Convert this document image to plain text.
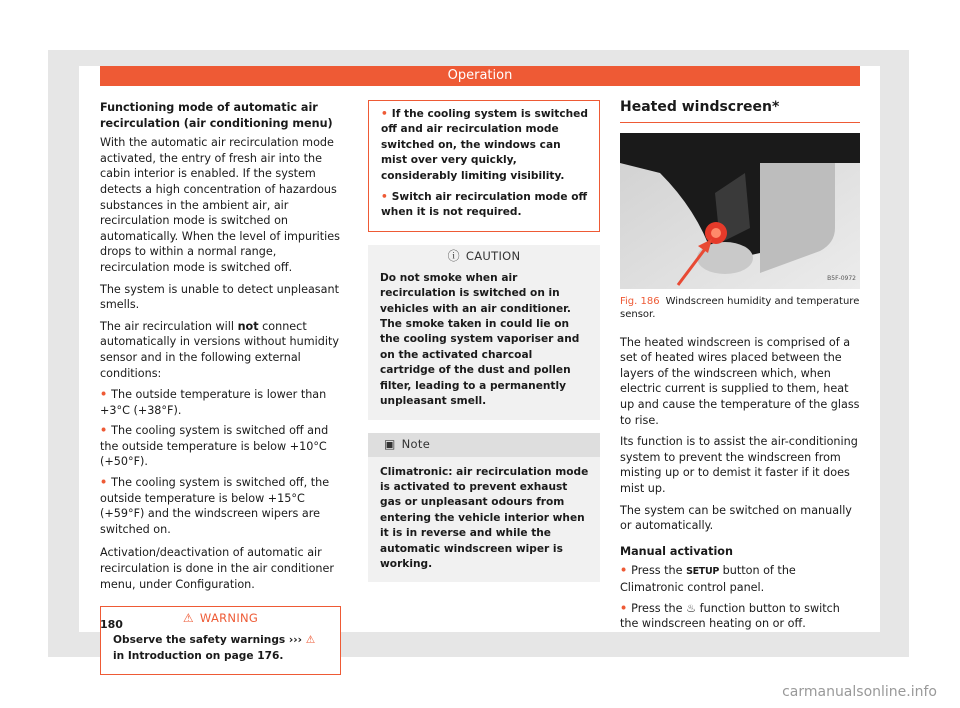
Operation

Functioning mode of automatic air recirculation (air conditioning menu)

With the automatic air recirculation mode activated, the entry of fresh air into the cabin interior is enabled. If the system detects a high concentration of hazardous substances in the ambient air, air recirculation mode is switched on automatically. When the level of impurities drops to within a normal range, recirculation mode is switched off.

The system is unable to detect unpleasant smells.

The air recirculation will not connect automatically in versions without humidity sensor and in the following external conditions:

• The outside temperature is lower than +3°C (+38°F).
• The cooling system is switched off and the outside temperature is below +10°C (+50°F).
• The cooling system is switched off, the outside temperature is below +15°C (+59°F) and the windscreen wipers are switched on.

Activation/deactivation of automatic air recirculation is done in the air conditioner menu, under Configuration.

⚠ WARNING
Observe the safety warnings ››› ⚠ in Introduction on page 176.
• If the cooling system is switched off and air recirculation mode switched on, the windows can mist over very quickly, considerably limiting visibility.
• Switch air recirculation mode off when it is not required.
ⓘ CAUTION
Do not smoke when air recirculation is switched on in vehicles with an air conditioner. The smoke taken in could lie on the cooling system vaporiser and on the activated charcoal cartridge of the dust and pollen filter, leading to a permanently unpleasant smell.
▣ Note
Climatronic: air recirculation mode is activated to prevent exhaust gas or unpleasant odours from entering the vehicle interior when it is in reverse and while the automatic windscreen wiper is working.
Heated windscreen*
B5F-0972
Fig. 186 Windscreen humidity and temperature sensor.

The heated windscreen is comprised of a set of heated wires placed between the layers of the windscreen which, when electric current is supplied to them, heat up and cause the temperature of the glass to rise.

Its function is to assist the air-conditioning system to prevent the windscreen from misting up or to demist it faster if it does mist up.

The system can be switched on manually or automatically.

Manual activation

• Press the SETUP button of the Climatronic control panel.
• Press the ♨ function button to switch the windscreen heating on or off.
180
carmanualsonline.info
